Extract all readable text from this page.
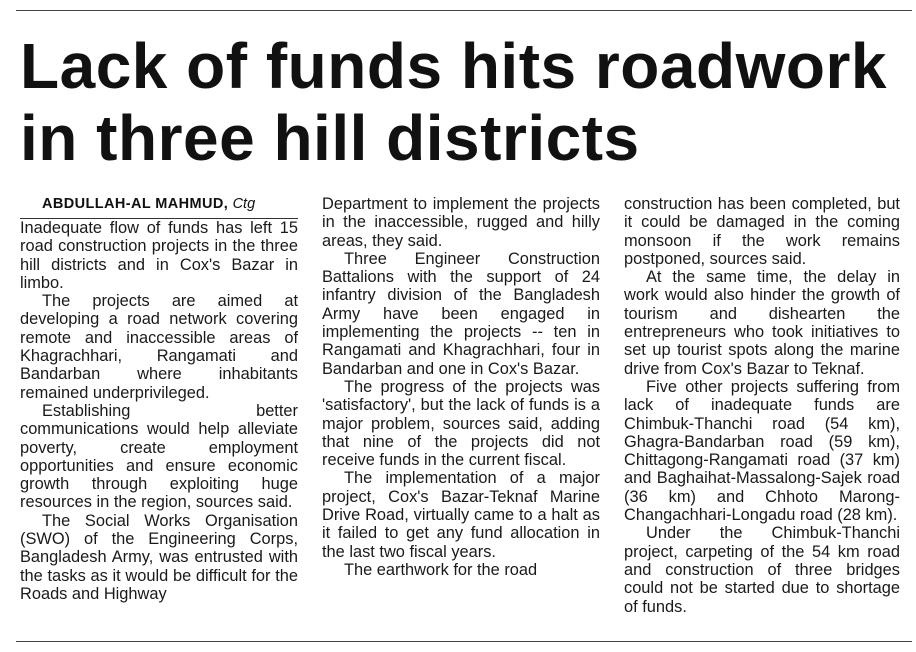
Lack of funds hits roadwork
in three hill districts

ABDULLAH-AL MAHMUD, Ctg

Inadequate flow of funds has left 15 road construction projects in the three hill districts and in Cox's Bazar in limbo.

The projects are aimed at developing a road network covering remote and inaccessible areas of Khagrachhari, Rangamati and Bandarban where inhabitants remained underprivileged.

Establishing better communications would help alleviate poverty, create employment opportunities and ensure economic growth through exploiting huge resources in the region, sources said.

The Social Works Organisation (SWO) of the Engineering Corps, Bangladesh Army, was entrusted with the tasks as it would be difficult for the Roads and Highway

Department to implement the projects in the inaccessible, rugged and hilly areas, they said.

Three Engineer Construction Battalions with the support of 24 infantry division of the Bangladesh Army have been engaged in implementing the projects -- ten in Rangamati and Khagrachhari, four in Bandarban and one in Cox's Bazar.

The progress of the projects was 'satisfactory', but the lack of funds is a major problem, sources said, adding that nine of the projects did not receive funds in the current fiscal.

The implementation of a major project, Cox's Bazar-Teknaf Marine Drive Road, virtually came to a halt as it failed to get any fund allocation in the last two fiscal years.

The earthwork for the road

construction has been completed, but it could be damaged in the coming monsoon if the work remains postponed, sources said.

At the same time, the delay in work would also hinder the growth of tourism and dishearten the entrepreneurs who took initiatives to set up tourist spots along the marine drive from Cox's Bazar to Teknaf.

Five other projects suffering from lack of inadequate funds are Chimbuk-Thanchi road (54 km), Ghagra-Bandarban road (59 km), Chittagong-Rangamati road (37 km) and Baghaihat-Massalong-Sajek road (36 km) and Chhoto Marong-Changachhari-Longadu road (28 km).

Under the Chimbuk-Thanchi project, carpeting of the 54 km road and construction of three bridges could not be started due to shortage of funds.
